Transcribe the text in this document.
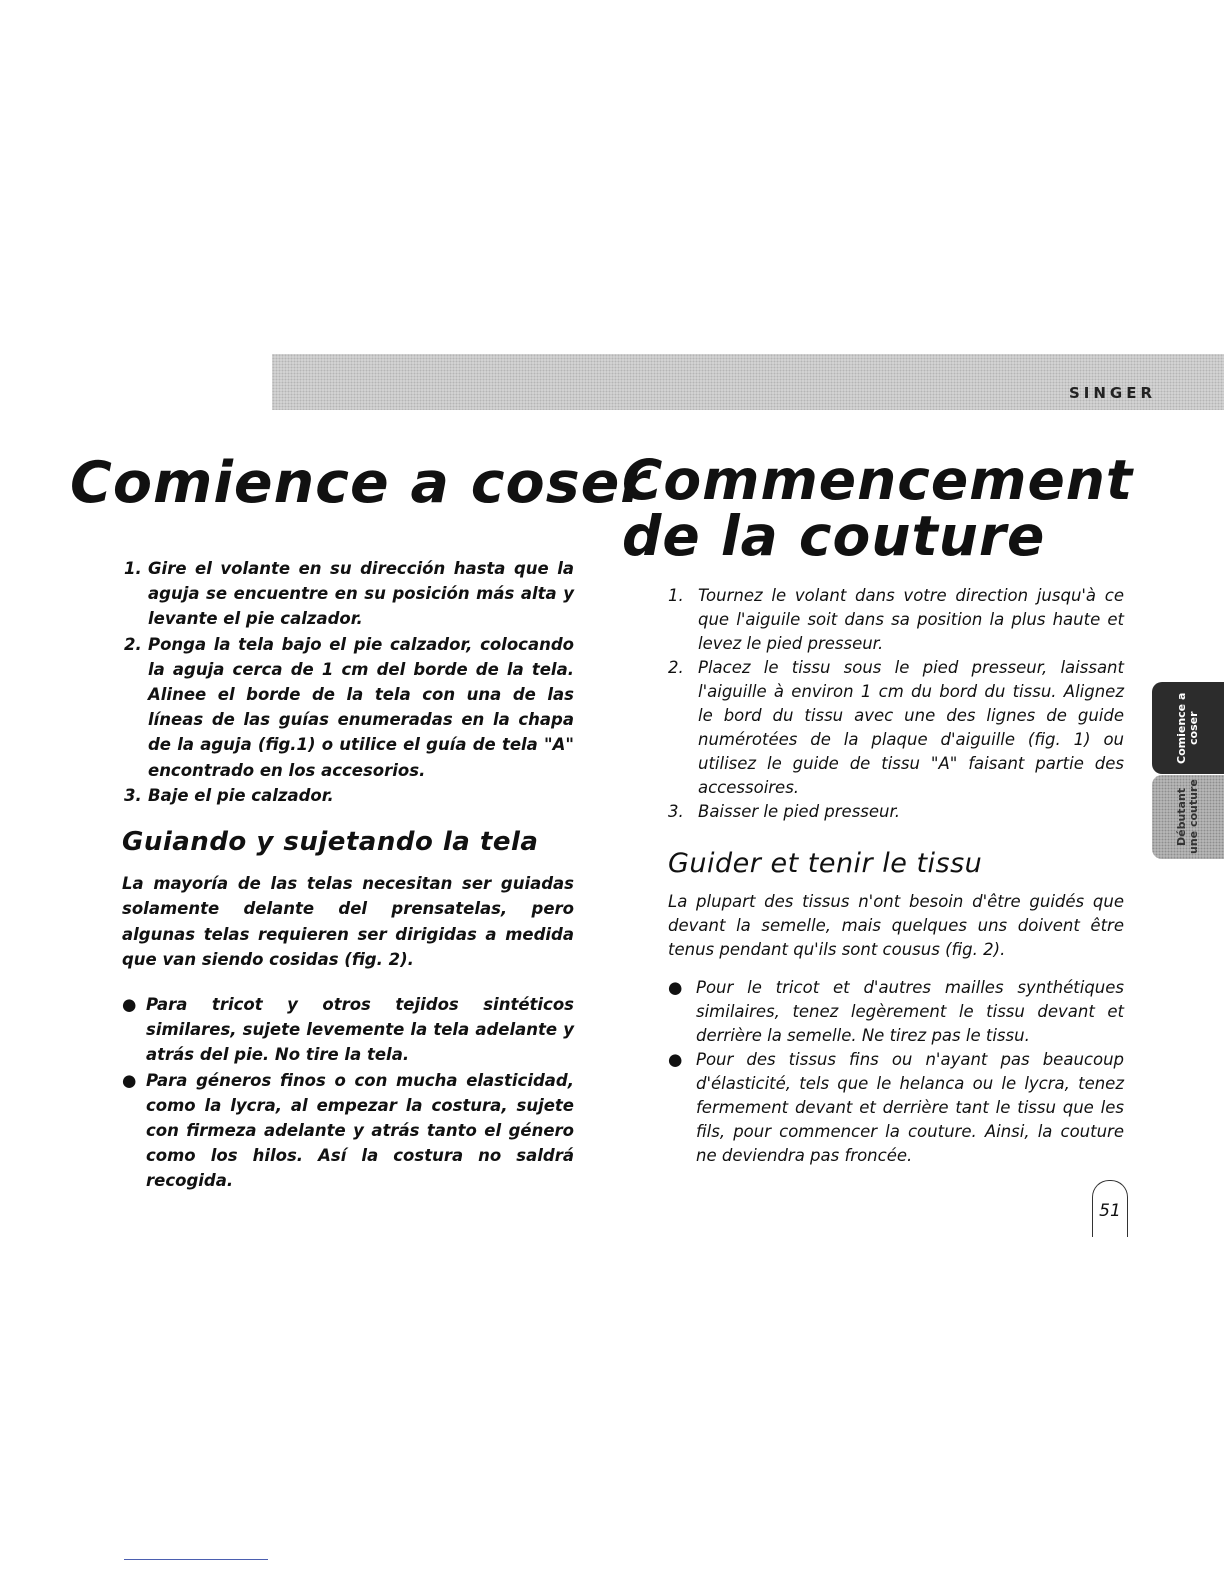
SINGER
Comience a coser
Commencement
de la couture
1. Gire el volante en su dirección hasta que la aguja se encuentre en su posición más alta y levante el pie calzador.
2. Ponga la tela bajo el pie calzador, colocando la aguja cerca de 1 cm del borde de la tela. Alinee el borde de la tela con una de las líneas de las guías enumeradas en la chapa de la aguja (fig.1) o utilice el guía de tela "A" encontrado en los accesorios.
3. Baje el pie calzador.
Guiando y sujetando la tela

La mayoría de las telas necesitan ser guiadas solamente delante del prensatelas, pero algunas telas requieren ser dirigidas a medida que van siendo cosidas (fig. 2).

● Para tricot y otros tejidos sintéticos similares, sujete levemente la tela adelante y atrás del pie. No tire la tela.
● Para géneros finos o con mucha elasticidad, como la lycra, al empezar la costura, sujete con firmeza adelante y atrás tanto el género como los hilos. Así la costura no saldrá recogida.
1. Tournez le volant dans votre direction jusqu'à ce que l'aiguile soit dans sa position la plus haute et levez le pied presseur.
2. Placez le tissu sous le pied presseur, laissant l'aiguille à environ 1 cm du bord du tissu. Alignez le bord du tissu avec une des lignes de guide numérotées de la plaque d'aiguille (fig. 1) ou utilisez le guide de tissu "A" faisant partie des accessoires.
3. Baisser le pied presseur.
Guider et tenir le tissu

La plupart des tissus n'ont besoin d'être guidés que devant la semelle, mais quelques uns doivent être tenus pendant qu'ils sont cousus (fig. 2).

● Pour le tricot et d'autres mailles synthétiques similaires, tenez legèrement le tissu devant et derrière la semelle. Ne tirez pas le tissu.
● Pour des tissus fins ou n'ayant pas beaucoup d'élasticité, tels que le helanca ou le lycra, tenez fermement devant et derrière tant le tissu que les fils, pour commencer la couture. Ainsi, la couture ne deviendra pas froncée.
Comience a coser
Débutant une couture
51
